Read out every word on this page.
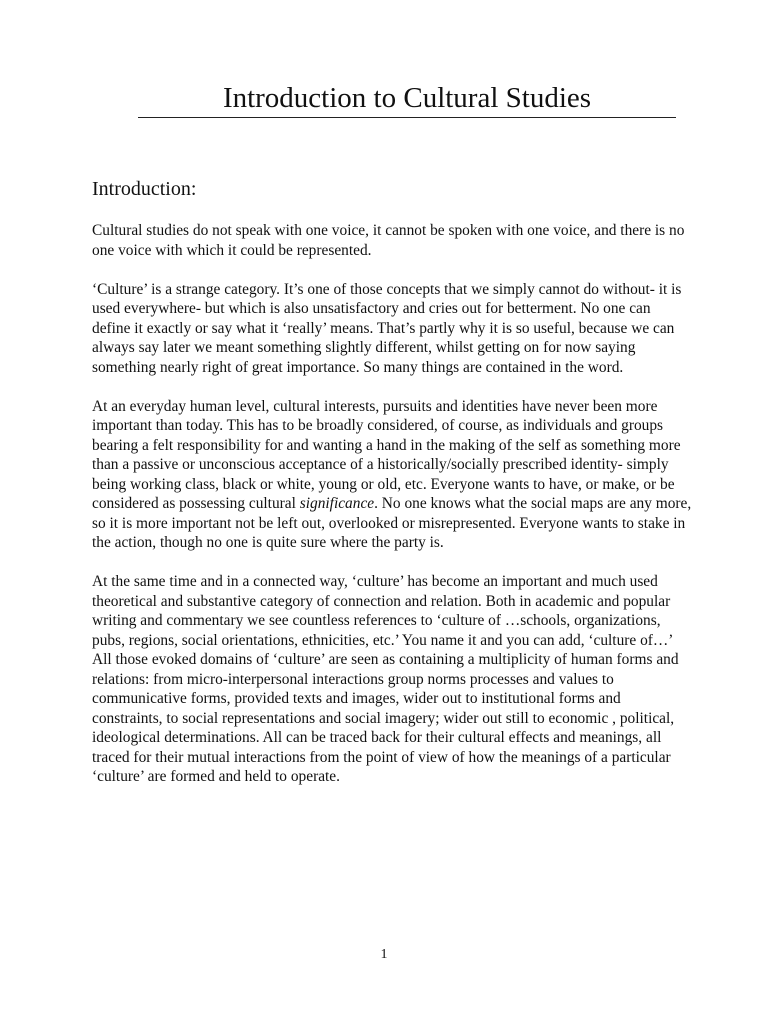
Introduction to Cultural Studies
Introduction:

Cultural studies do not speak with one voice, it cannot be spoken with one voice, and there is no one voice with which it could be represented.

‘Culture’ is a strange category. It’s one of those concepts that we simply cannot do without- it is used everywhere- but which is also unsatisfactory and cries out for betterment. No one can define it exactly or say what it ‘really’ means. That’s partly why it is so useful, because we can always say later we meant something slightly different, whilst getting on for now saying something nearly right of great importance. So many things are contained in the word.

At an everyday human level, cultural interests, pursuits and identities have never been more important than today. This has to be broadly considered, of course, as individuals and groups bearing a felt responsibility for and wanting a hand in the making of the self as something more than a passive or unconscious acceptance of a historically/socially prescribed identity- simply being working class, black or white, young or old, etc. Everyone wants to have, or make, or be considered as possessing cultural significance. No one knows what the social maps are any more, so it is more important not be left out, overlooked or misrepresented. Everyone wants to stake in the action, though no one is quite sure where the party is.

At the same time and in a connected way, ‘culture’ has become an important and much used theoretical and substantive category of connection and relation. Both in academic and popular writing and commentary we see countless references to ‘culture of …schools, organizations, pubs, regions, social orientations, ethnicities, etc.’ You name it and you can add, ‘culture of…’ All those evoked domains of ‘culture’ are seen as containing a multiplicity of human forms and relations: from micro-interpersonal interactions group norms processes and values to communicative forms, provided texts and images, wider out to institutional forms and constraints, to social representations and social imagery; wider out still to economic , political, ideological determinations. All can be traced back for their cultural effects and meanings, all traced for their mutual interactions from the point of view of how the meanings of a particular ‘culture’ are formed and held to operate.

1
